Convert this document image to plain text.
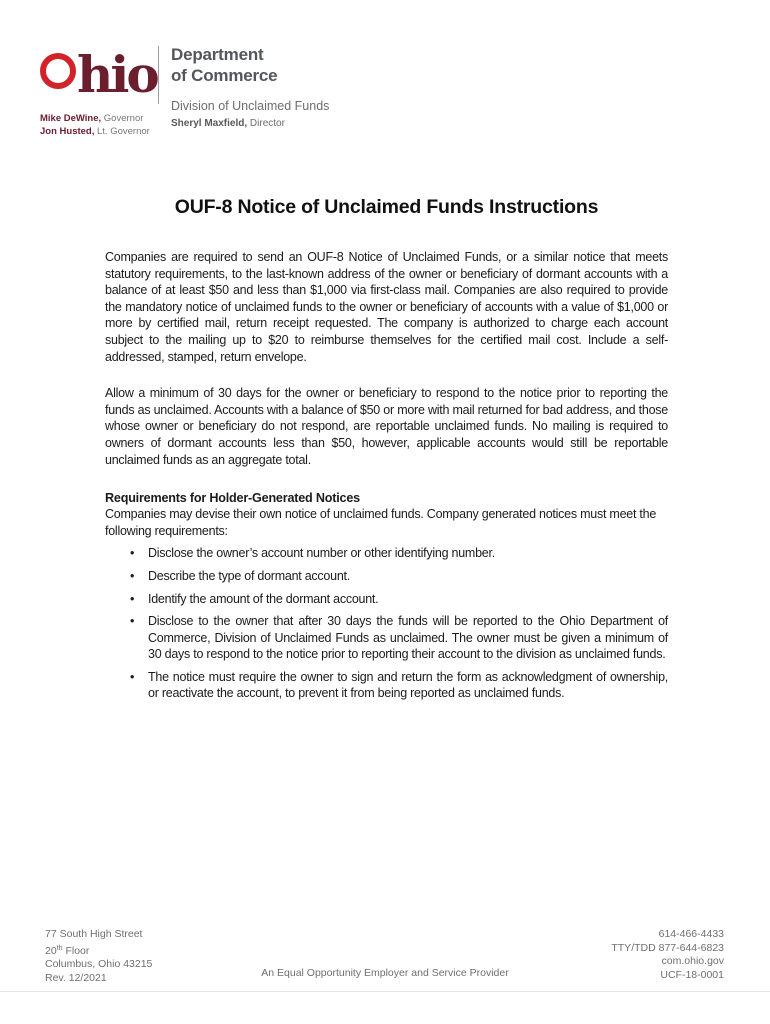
hio
Mike DeWine, Governor
Jon Husted, Lt. Governor
Department
of Commerce
Division of Unclaimed Funds
Sheryl Maxfield, Director
OUF-8 Notice of Unclaimed Funds Instructions

Companies are required to send an OUF-8 Notice of Unclaimed Funds, or a similar notice that meets statutory requirements, to the last-known address of the owner or beneficiary of dormant accounts with a balance of at least $50 and less than $1,000 via first-class mail. Companies are also required to provide the mandatory notice of unclaimed funds to the owner or beneficiary of accounts with a value of $1,000 or more by certified mail, return receipt requested. The company is authorized to charge each account subject to the mailing up to $20 to reimburse themselves for the certified mail cost. Include a self- addressed, stamped, return envelope.

Allow a minimum of 30 days for the owner or beneficiary to respond to the notice prior to reporting the funds as unclaimed. Accounts with a balance of $50 or more with mail returned for bad address, and those whose owner or beneficiary do not respond, are reportable unclaimed funds. No mailing is required to owners of dormant accounts less than $50, however, applicable accounts would still be reportable unclaimed funds as an aggregate total.

Requirements for Holder-Generated Notices

Companies may devise their own notice of unclaimed funds. Company generated notices must meet the following requirements:

• Disclose the owner’s account number or other identifying number.
• Describe the type of dormant account.
• Identify the amount of the dormant account.
• Disclose to the owner that after 30 days the funds will be reported to the Ohio Department of Commerce, Division of Unclaimed Funds as unclaimed. The owner must be given a minimum of 30 days to respond to the notice prior to reporting their account to the division as unclaimed funds.
• The notice must require the owner to sign and return the form as acknowledgment of ownership, or reactivate the account, to prevent it from being reported as unclaimed funds.
77 South High Street
20th Floor
Columbus, Ohio 43215
Rev. 12/2021
614-466-4433
TTY/TDD 877-644-6823
com.ohio.gov
UCF-18-0001
An Equal Opportunity Employer and Service Provider
